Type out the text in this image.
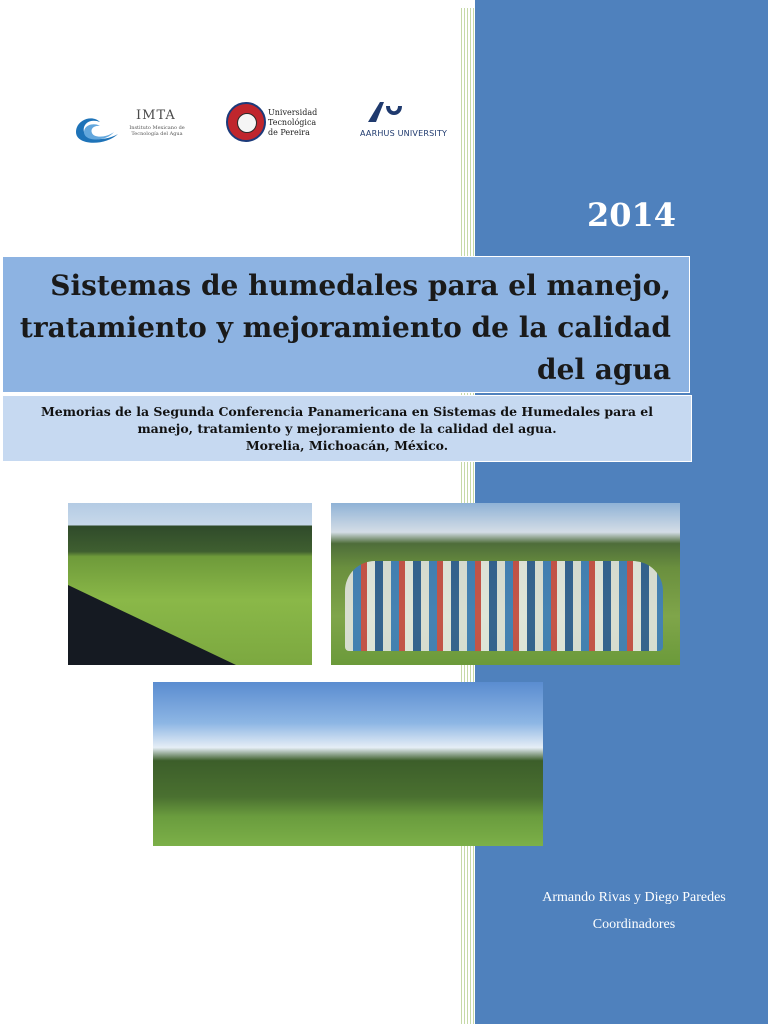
IMTA
Instituto Mexicano de Tecnología del Agua
Universidad Tecnológica de Pereira	AARHUS UNIVERSITY
2014
Sistemas de humedales para el manejo, tratamiento y mejoramiento de la calidad del agua
Memorias de la Segunda Conferencia Panamericana en Sistemas de Humedales para el
manejo, tratamiento y mejoramiento de la calidad del agua.
Morelia, Michoacán, México.
Armando Rivas y Diego Paredes
Coordinadores
